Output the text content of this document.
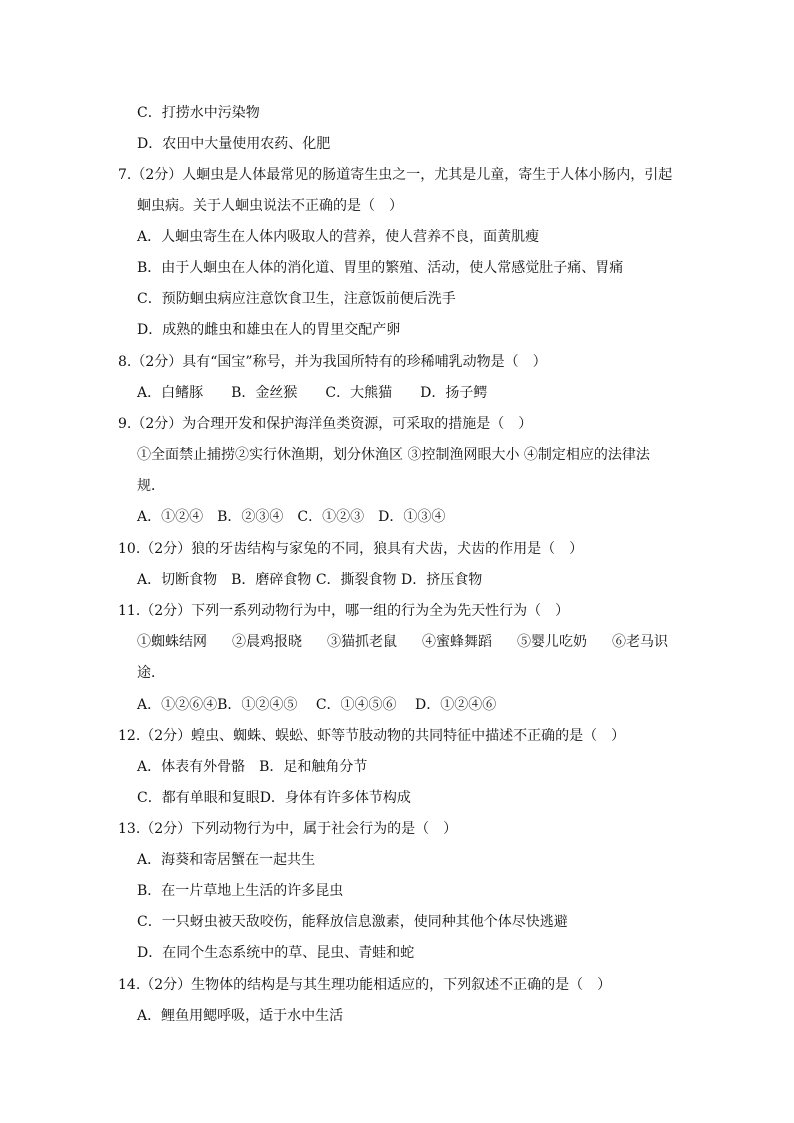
C．打捞水中污染物
D．农田中大量使用农药、化肥
7.（2分）人蛔虫是人体最常见的肠道寄生虫之一，尤其是儿童，寄生于人体小肠内，引起
蛔虫病。关于人蛔虫说法不正确的是（　）
A．人蛔虫寄生在人体内吸取人的营养，使人营养不良，面黄肌瘦
B．由于人蛔虫在人体的消化道、胃里的繁殖、活动，使人常感觉肚子痛、胃痛
C．预防蛔虫病应注意饮食卫生，注意饭前便后洗手
D．成熟的雌虫和雄虫在人的胃里交配产卵
8.（2分）具有“国宝”称号，并为我国所特有的珍稀哺乳动物是（　）
A．白鳍豚　　B．金丝猴　　C．大熊猫　　D．扬子鳄
9.（2分）为合理开发和保护海洋鱼类资源，可采取的措施是（　）
①全面禁止捕捞②实行休渔期，划分休渔区 ③控制渔网眼大小 ④制定相应的法律法
规．
A．①②④　B．②③④　C．①②③　D．①③④
10.（2分）狼的牙齿结构与家兔的不同，狼具有犬齿，犬齿的作用是（　）
A．切断食物　B．磨碎食物 C．撕裂食物 D．挤压食物
11.（2分）下列一系列动物行为中，哪一组的行为全为先天性行为（　）
①蜘蛛结网 ②晨鸡报晓 ③猫抓老鼠 ④蜜蜂舞蹈 ⑤婴儿吃奶 ⑥老马识
途．
A．①②⑥④B．①②④⑤　 C．①④⑤⑥　 D．①②④⑥
12.（2分）蝗虫、蜘蛛、蜈蚣、虾等节肢动物的共同特征中描述不正确的是（　）
A．体表有外骨骼　B．足和触角分节
C．都有单眼和复眼D．身体有许多体节构成
13.（2分）下列动物行为中，属于社会行为的是（　）
A．海葵和寄居蟹在一起共生
B．在一片草地上生活的许多昆虫
C．一只蚜虫被天敌咬伤，能释放信息激素，使同种其他个体尽快逃避
D．在同个生态系统中的草、昆虫、青蛙和蛇
14.（2分）生物体的结构是与其生理功能相适应的，下列叙述不正确的是（　）
A．鲤鱼用鳃呼吸，适于水中生活
